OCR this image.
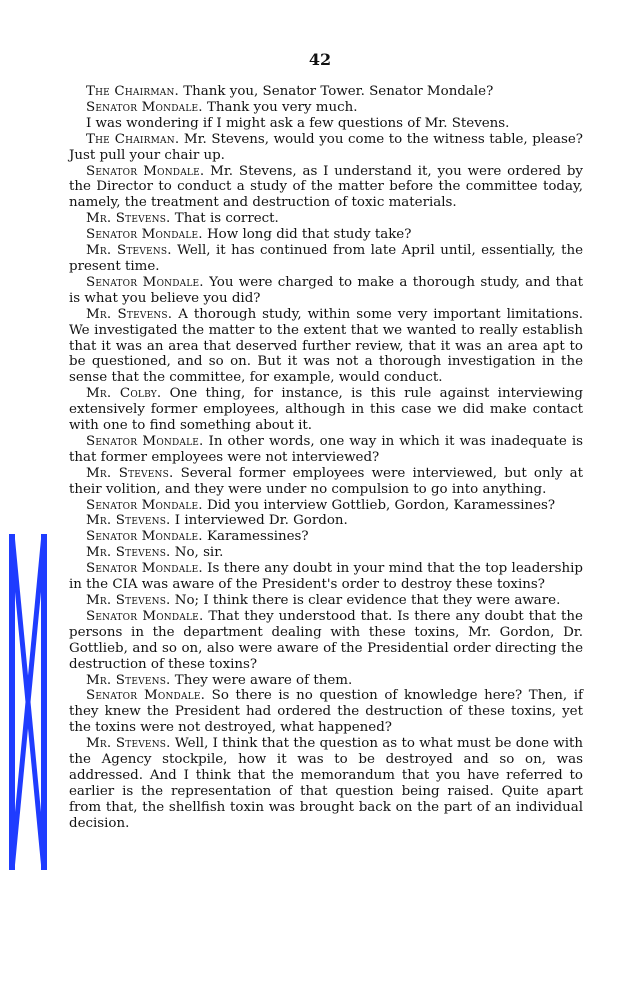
42

The Chairman. Thank you, Senator Tower. Senator Mondale?

Senator Mondale. Thank you very much.

I was wondering if I might ask a few questions of Mr. Stevens.

The Chairman. Mr. Stevens, would you come to the witness table, please? Just pull your chair up.

Senator Mondale. Mr. Stevens, as I understand it, you were ordered by the Director to conduct a study of the matter before the committee today, namely, the treatment and destruction of toxic materials.

Mr. Stevens. That is correct.

Senator Mondale. How long did that study take?

Mr. Stevens. Well, it has continued from late April until, essentially, the present time.

Senator Mondale. You were charged to make a thorough study, and that is what you believe you did?

Mr. Stevens. A thorough study, within some very important limitations. We investigated the matter to the extent that we wanted to really establish that it was an area that deserved further review, that it was an area apt to be questioned, and so on. But it was not a thorough investigation in the sense that the committee, for example, would conduct.

Mr. Colby. One thing, for instance, is this rule against interviewing extensively former employees, although in this case we did make contact with one to find something about it.

Senator Mondale. In other words, one way in which it was inadequate is that former employees were not interviewed?

Mr. Stevens. Several former employees were interviewed, but only at their volition, and they were under no compulsion to go into anything.

Senator Mondale. Did you interview Gottlieb, Gordon, Karamessines?

Mr. Stevens. I interviewed Dr. Gordon.

Senator Mondale. Karamessines?

Mr. Stevens. No, sir.

Senator Mondale. Is there any doubt in your mind that the top leadership in the CIA was aware of the President's order to destroy these toxins?

Mr. Stevens. No; I think there is clear evidence that they were aware.

Senator Mondale. That they understood that. Is there any doubt that the persons in the department dealing with these toxins, Mr. Gordon, Dr. Gottlieb, and so on, also were aware of the Presidential order directing the destruction of these toxins?

Mr. Stevens. They were aware of them.

Senator Mondale. So there is no question of knowledge here? Then, if they knew the President had ordered the destruction of these toxins, yet the toxins were not destroyed, what happened?

Mr. Stevens. Well, I think that the question as to what must be done with the Agency stockpile, how it was to be destroyed and so on, was addressed. And I think that the memorandum that you have referred to earlier is the representation of that question being raised. Quite apart from that, the shellfish toxin was brought back on the part of an individual decision.
